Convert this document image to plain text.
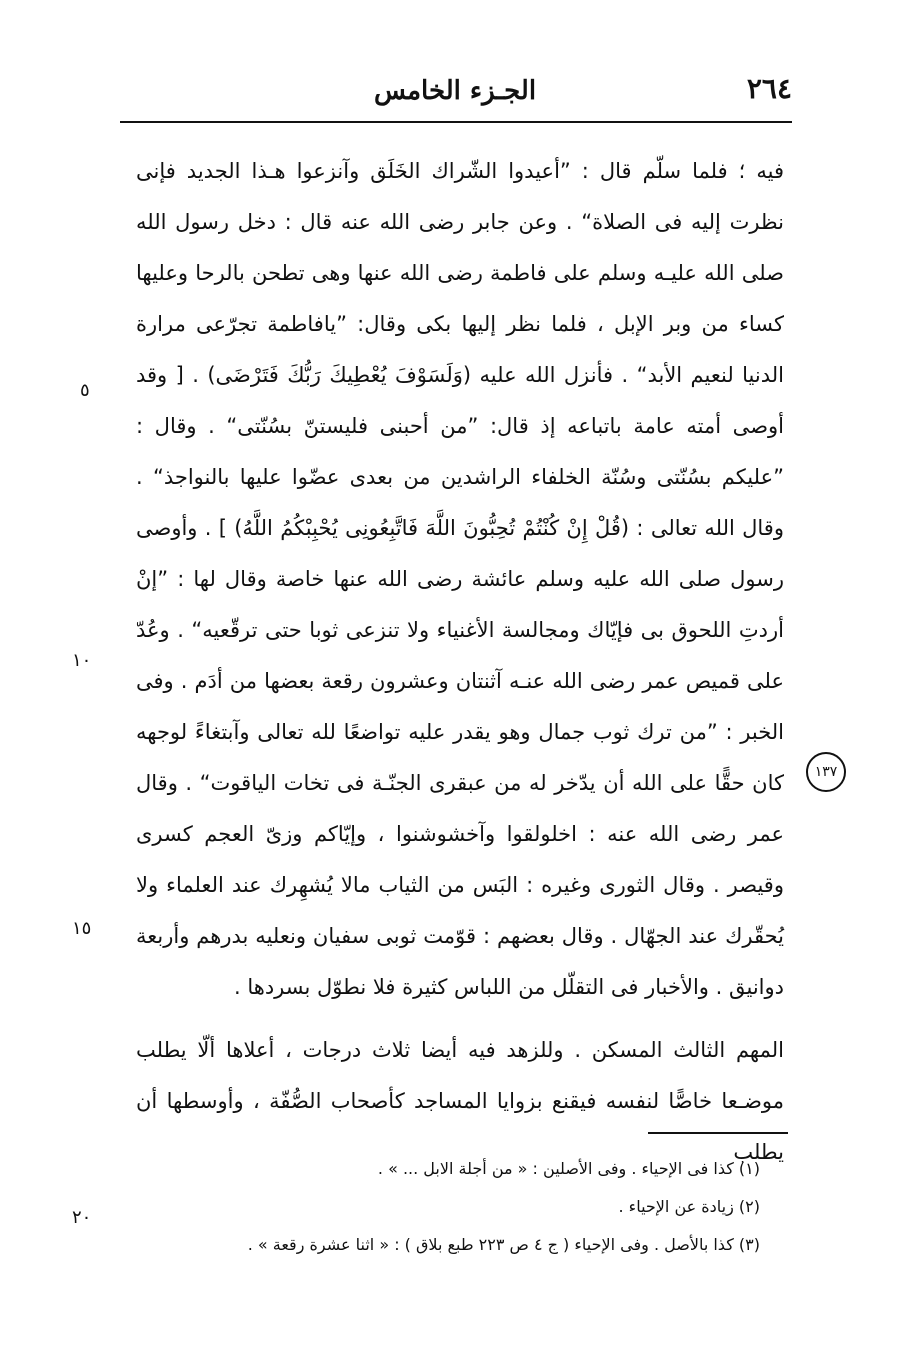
٢٦٤
الجـزء الخامس

فيه ؛ فلما سلّم قال : ”أعيدوا الشّراك الخَلَق وآنزعوا هـذا الجديد فإنى نظرت إليه فى الصلاة“ . وعن جابر رضى الله عنه قال : دخل رسول الله صلى الله عليـه وسلم على فاطمة رضى الله عنها وهى تطحن بالرحا وعليها كساء من وبر الإبل ، فلما نظر إليها بكى وقال: ”يافاطمة تجرّعى مرارة الدنيا لنعيم الأبد“ . فأنزل الله عليه (وَلَسَوْفَ يُعْطِيكَ رَبُّكَ فَتَرْضَى) . [ وقد أوصى أمته عامة باتباعه إذ قال: ”من أحبنى فليستنّ بسُنّتى“ . وقال : ”عليكم بسُنّتى وسُنّة الخلفاء الراشدين من بعدى عضّوا عليها بالنواجذ“ . وقال الله تعالى : (قُلْ إِنْ كُنْتُمْ تُحِبُّونَ اللَّهَ فَاتَّبِعُونِى يُحْبِبْكُمُ اللَّهُ) ] . وأوصى رسول صلى الله عليه وسلم عائشة رضى الله عنها خاصة وقال لها : ”إنْ أردتِ اللحوق بى فإيّاك ومجالسة الأغنياء ولا تنزعى ثوبا حتى ترقّعيه“ . وعُدّ على قميص عمر رضى الله عنـه آثنتان وعشرون رقعة بعضها من أدَم . وفى الخبر : ”من ترك ثوب جمال وهو يقدر عليه تواضعًا لله تعالى وآبتغاءً لوجهه كان حقًّا على الله أن يدّخر له من عبقرى الجنّـة فى تخات الياقوت“ . وقال عمر رضى الله عنه : اخلولقوا وآخشوشنوا ، وإيّاكم وزىّ العجم كسرى وقيصر . وقال الثورى وغيره : البَس من الثياب مالا يُشهِرك عند العلماء ولا يُحقّرك عند الجهّال . وقال بعضهم : قوّمت ثوبى سفيان ونعليه بدرهم وأربعة دوانيق . والأخبار فى التقلّل من اللباس كثيرة فلا نطوّل بسردها .

المهم الثالث المسكن . وللزهد فيه أيضا ثلاث درجات ، أعلاها ألّا يطلب موضـعا خاصًّا لنفسه فيقنع بزوايا المساجد كأصحاب الصُّفّة ، وأوسطها أن يطلب

٥
١٠
١٥
٢٠
١٣٧
(١) كذا فى الإحياء . وفى الأصلين : « من أجلة الابل ... » .
(٢) زيادة عن الإحياء .
(٣) كذا بالأصل . وفى الإحياء ( ج ٤ ص ٢٢٣ طبع بلاق ) : « اثنا عشرة رقعة » .
